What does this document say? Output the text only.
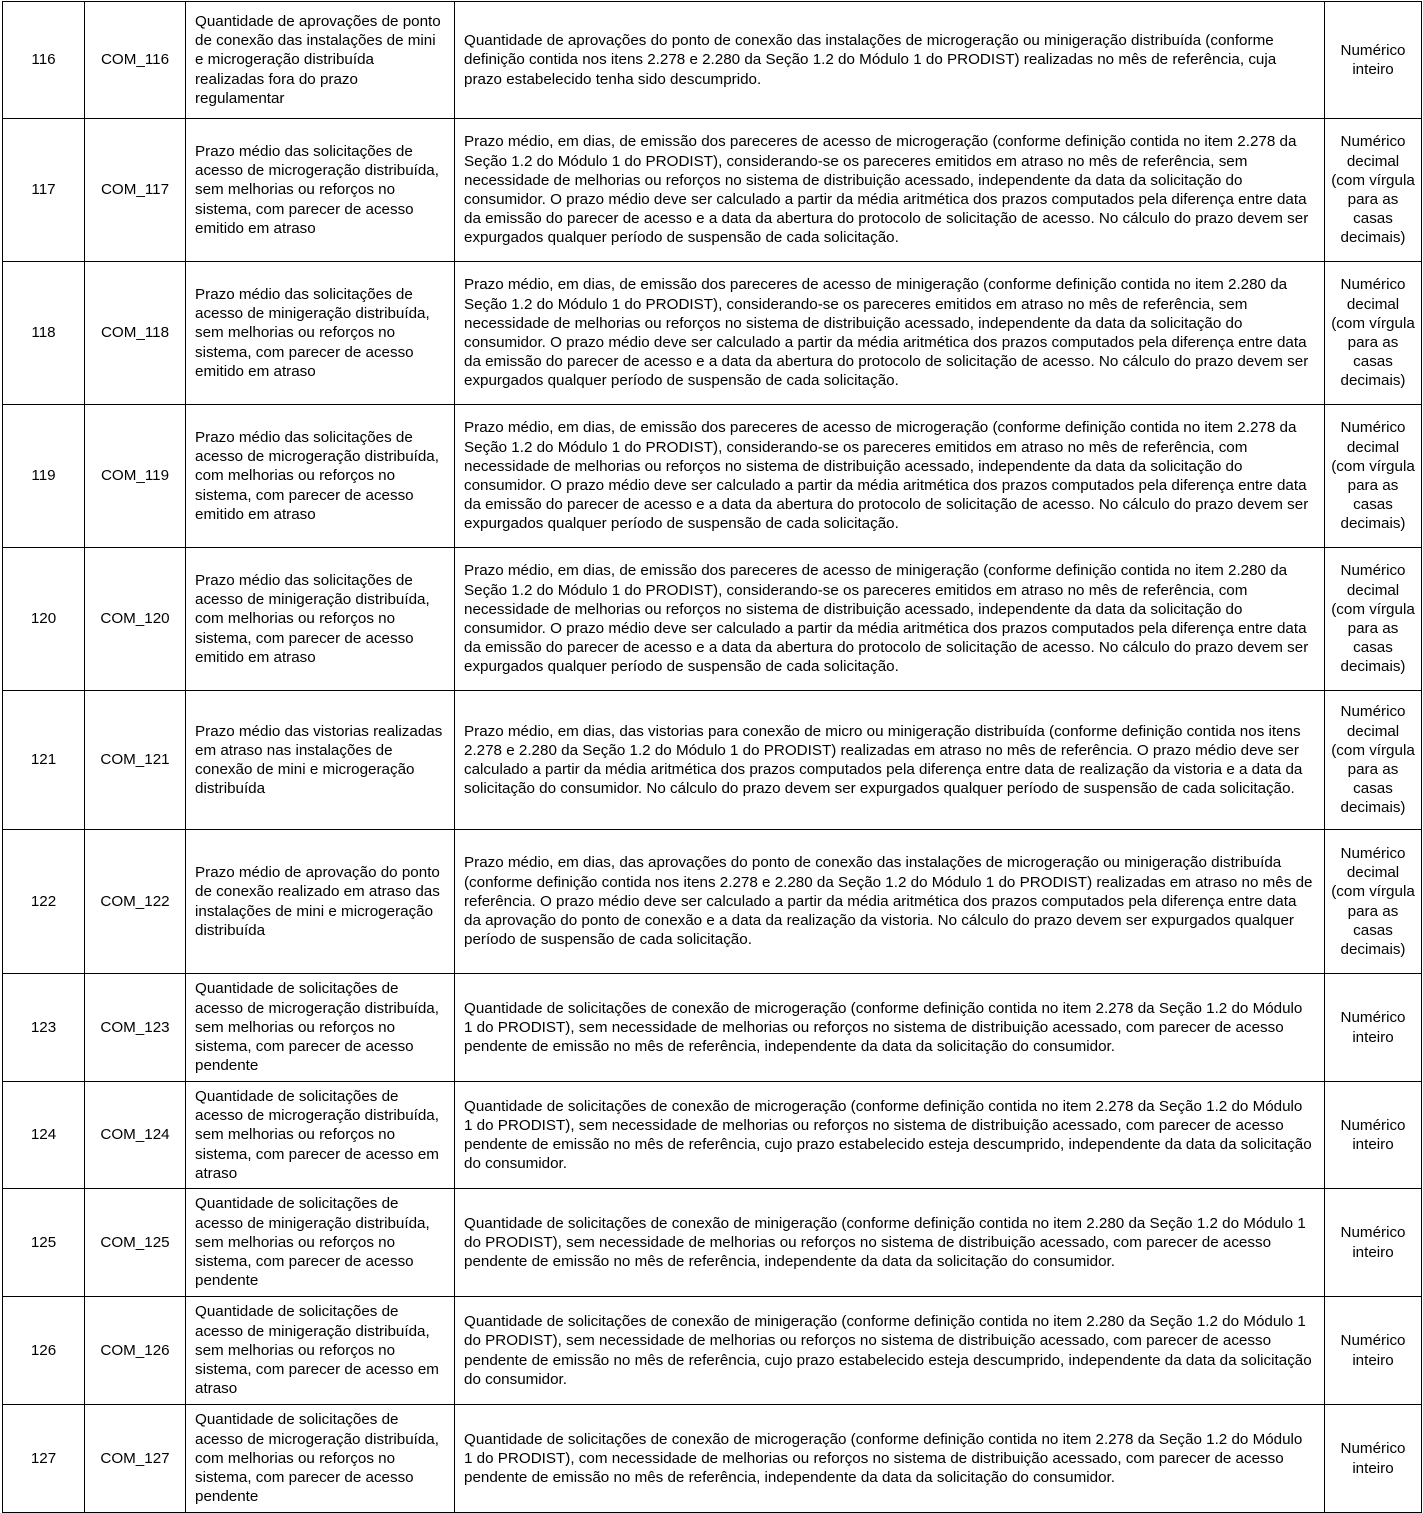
116	COM_116	Quantidade de aprovações de ponto de conexão das instalações de mini e microgeração distribuída realizadas fora do prazo regulamentar	Quantidade de aprovações do ponto de conexão das instalações de microgeração ou minigeração distribuída (conforme definição contida nos itens 2.278 e 2.280 da Seção 1.2 do Módulo 1 do PRODIST) realizadas no mês de referência, cuja prazo estabelecido tenha sido descumprido.	Numérico inteiro
117	COM_117	Prazo médio das solicitações de acesso de microgeração distribuída, sem melhorias ou reforços no sistema, com parecer de acesso emitido em atraso	Prazo médio, em dias, de emissão dos pareceres de acesso de microgeração (conforme definição contida no item 2.278 da Seção 1.2 do Módulo 1 do PRODIST), considerando-se os pareceres emitidos em atraso no mês de referência, sem necessidade de melhorias ou reforços no sistema de distribuição acessado, independente da data da solicitação do consumidor. O prazo médio deve ser calculado a partir da média aritmética dos prazos computados pela diferença entre data da emissão do parecer de acesso e a data da abertura do protocolo de solicitação de acesso. No cálculo do prazo devem ser expurgados qualquer período de suspensão de cada solicitação.	Numérico decimal (com vírgula para as casas decimais)
118	COM_118	Prazo médio das solicitações de acesso de minigeração distribuída, sem melhorias ou reforços no sistema, com parecer de acesso emitido em atraso	Prazo médio, em dias, de emissão dos pareceres de acesso de minigeração (conforme definição contida no item 2.280 da Seção 1.2 do Módulo 1 do PRODIST), considerando-se os pareceres emitidos em atraso no mês de referência, sem necessidade de melhorias ou reforços no sistema de distribuição acessado, independente da data da solicitação do consumidor. O prazo médio deve ser calculado a partir da média aritmética dos prazos computados pela diferença entre data da emissão do parecer de acesso e a data da abertura do protocolo de solicitação de acesso. No cálculo do prazo devem ser expurgados qualquer período de suspensão de cada solicitação.	Numérico decimal (com vírgula para as casas decimais)
119	COM_119	Prazo médio das solicitações de acesso de microgeração distribuída, com melhorias ou reforços no sistema, com parecer de acesso emitido em atraso	Prazo médio, em dias, de emissão dos pareceres de acesso de microgeração (conforme definição contida no item 2.278 da Seção 1.2 do Módulo 1 do PRODIST), considerando-se os pareceres emitidos em atraso no mês de referência, com necessidade de melhorias ou reforços no sistema de distribuição acessado, independente da data da solicitação do consumidor. O prazo médio deve ser calculado a partir da média aritmética dos prazos computados pela diferença entre data da emissão do parecer de acesso e a data da abertura do protocolo de solicitação de acesso. No cálculo do prazo devem ser expurgados qualquer período de suspensão de cada solicitação.	Numérico decimal (com vírgula para as casas decimais)
120	COM_120	Prazo médio das solicitações de acesso de minigeração distribuída, com melhorias ou reforços no sistema, com parecer de acesso emitido em atraso	Prazo médio, em dias, de emissão dos pareceres de acesso de minigeração (conforme definição contida no item 2.280 da Seção 1.2 do Módulo 1 do PRODIST), considerando-se os pareceres emitidos em atraso no mês de referência, com necessidade de melhorias ou reforços no sistema de distribuição acessado, independente da data da solicitação do consumidor. O prazo médio deve ser calculado a partir da média aritmética dos prazos computados pela diferença entre data da emissão do parecer de acesso e a data da abertura do protocolo de solicitação de acesso. No cálculo do prazo devem ser expurgados qualquer período de suspensão de cada solicitação.	Numérico decimal (com vírgula para as casas decimais)
121	COM_121	Prazo médio das vistorias realizadas em atraso nas instalações de conexão de mini e microgeração distribuída	Prazo médio, em dias, das vistorias para conexão de micro ou minigeração distribuída (conforme definição contida nos itens 2.278 e 2.280 da Seção 1.2 do Módulo 1 do PRODIST) realizadas em atraso no mês de referência. O prazo médio deve ser calculado a partir da média aritmética dos prazos computados pela diferença entre data de realização da vistoria e a data da solicitação do consumidor. No cálculo do prazo devem ser expurgados qualquer período de suspensão de cada solicitação.	Numérico decimal (com vírgula para as casas decimais)
122	COM_122	Prazo médio de aprovação do ponto de conexão realizado em atraso das instalações de mini e microgeração distribuída	Prazo médio, em dias, das aprovações do ponto de conexão das instalações de microgeração ou minigeração distribuída (conforme definição contida nos itens 2.278 e 2.280 da Seção 1.2 do Módulo 1 do PRODIST) realizadas em atraso no mês de referência. O prazo médio deve ser calculado a partir da média aritmética dos prazos computados pela diferença entre data da aprovação do ponto de conexão e a data da realização da vistoria. No cálculo do prazo devem ser expurgados qualquer período de suspensão de cada solicitação.	Numérico decimal (com vírgula para as casas decimais)
123	COM_123	Quantidade de solicitações de acesso de microgeração distribuída, sem melhorias ou reforços no sistema, com parecer de acesso pendente	Quantidade de solicitações de conexão de microgeração (conforme definição contida no item 2.278 da Seção 1.2 do Módulo 1 do PRODIST), sem necessidade de melhorias ou reforços no sistema de distribuição acessado, com parecer de acesso pendente de emissão no mês de referência, independente da data da solicitação do consumidor.	Numérico inteiro
124	COM_124	Quantidade de solicitações de acesso de microgeração distribuída, sem melhorias ou reforços no sistema, com parecer de acesso em atraso	Quantidade de solicitações de conexão de microgeração (conforme definição contida no item 2.278 da Seção 1.2 do Módulo 1 do PRODIST), sem necessidade de melhorias ou reforços no sistema de distribuição acessado, com parecer de acesso pendente de emissão no mês de referência, cujo prazo estabelecido esteja descumprido, independente da data da solicitação do consumidor.	Numérico inteiro
125	COM_125	Quantidade de solicitações de acesso de minigeração distribuída, sem melhorias ou reforços no sistema, com parecer de acesso pendente	Quantidade de solicitações de conexão de minigeração (conforme definição contida no item 2.280 da Seção 1.2 do Módulo 1 do PRODIST), sem necessidade de melhorias ou reforços no sistema de distribuição acessado, com parecer de acesso pendente de emissão no mês de referência, independente da data da solicitação do consumidor.	Numérico inteiro
126	COM_126	Quantidade de solicitações de acesso de minigeração distribuída, sem melhorias ou reforços no sistema, com parecer de acesso em atraso	Quantidade de solicitações de conexão de minigeração (conforme definição contida no item 2.280 da Seção 1.2 do Módulo 1 do PRODIST), sem necessidade de melhorias ou reforços no sistema de distribuição acessado, com parecer de acesso pendente de emissão no mês de referência, cujo prazo estabelecido esteja descumprido, independente da data da solicitação do consumidor.	Numérico inteiro
127	COM_127	Quantidade de solicitações de acesso de microgeração distribuída, com melhorias ou reforços no sistema, com parecer de acesso pendente	Quantidade de solicitações de conexão de microgeração (conforme definição contida no item 2.278 da Seção 1.2 do Módulo 1 do PRODIST), com necessidade de melhorias ou reforços no sistema de distribuição acessado, com parecer de acesso pendente de emissão no mês de referência, independente da data da solicitação do consumidor.	Numérico inteiro
